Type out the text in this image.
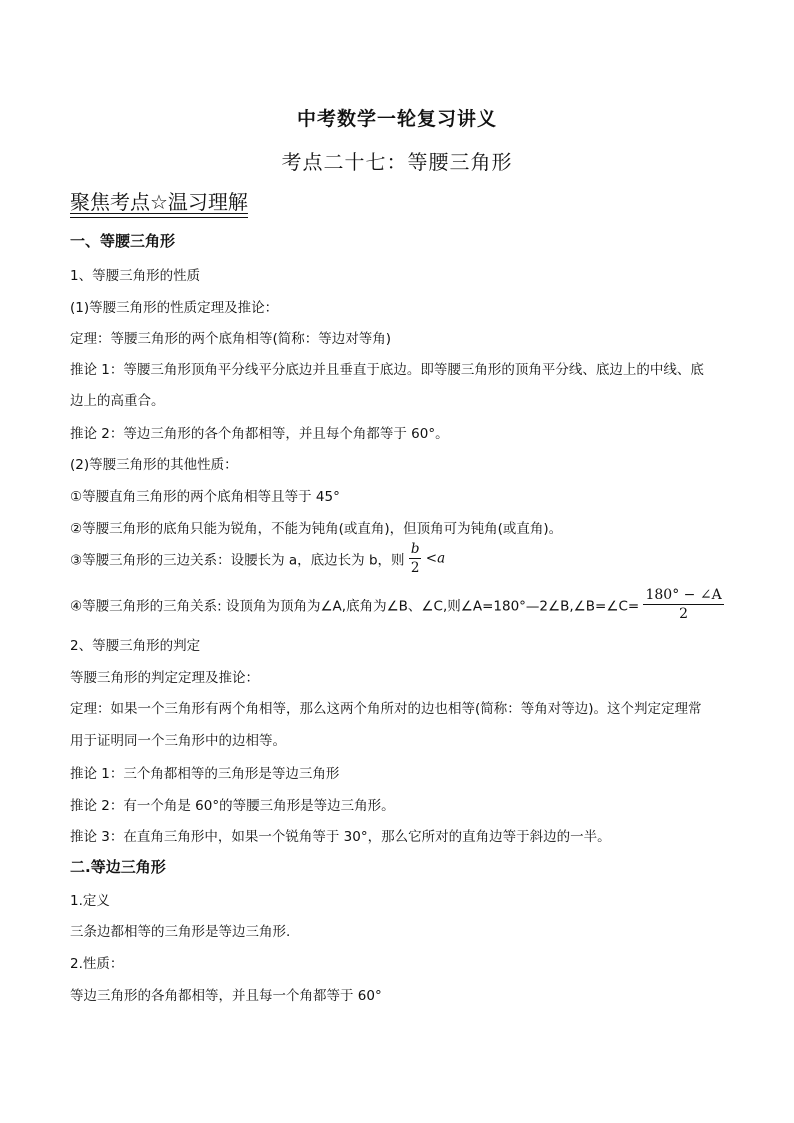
中考数学一轮复习讲义
考点二十七：等腰三角形
聚焦考点☆温习理解
一、等腰三角形
1、等腰三角形的性质
(1)等腰三角形的性质定理及推论：
定理：等腰三角形的两个底角相等(简称：等边对等角)
推论 1：等腰三角形顶角平分线平分底边并且垂直于底边。即等腰三角形的顶角平分线、底边上的中线、底
边上的高重合。
推论 2：等边三角形的各个角都相等，并且每个角都等于 60°。
(2)等腰三角形的其他性质：
①等腰直角三角形的两个底角相等且等于 45°
②等腰三角形的底角只能为锐角，不能为钝角(或直角)，但顶角可为钝角(或直角)。
③等腰三角形的三边关系：设腰长为 a，底边长为 b，则 $\frac{b}{2} <a$
④等腰三角形的三角关系: 设顶角为顶角为∠A,底角为∠B、∠C,则∠A=180°—2∠B,∠B=∠C= $\frac{180^\circ - \angle A}{2}$
2、等腰三角形的判定
等腰三角形的判定定理及推论：
定理：如果一个三角形有两个角相等，那么这两个角所对的边也相等(简称：等角对等边)。这个判定定理常
用于证明同一个三角形中的边相等。
推论 1：三个角都相等的三角形是等边三角形
推论 2：有一个角是 60°的等腰三角形是等边三角形。
推论 3：在直角三角形中，如果一个锐角等于 30°，那么它所对的直角边等于斜边的一半。
二.等边三角形
1.定义
三条边都相等的三角形是等边三角形.
2.性质：
等边三角形的各角都相等，并且每一个角都等于 60°
